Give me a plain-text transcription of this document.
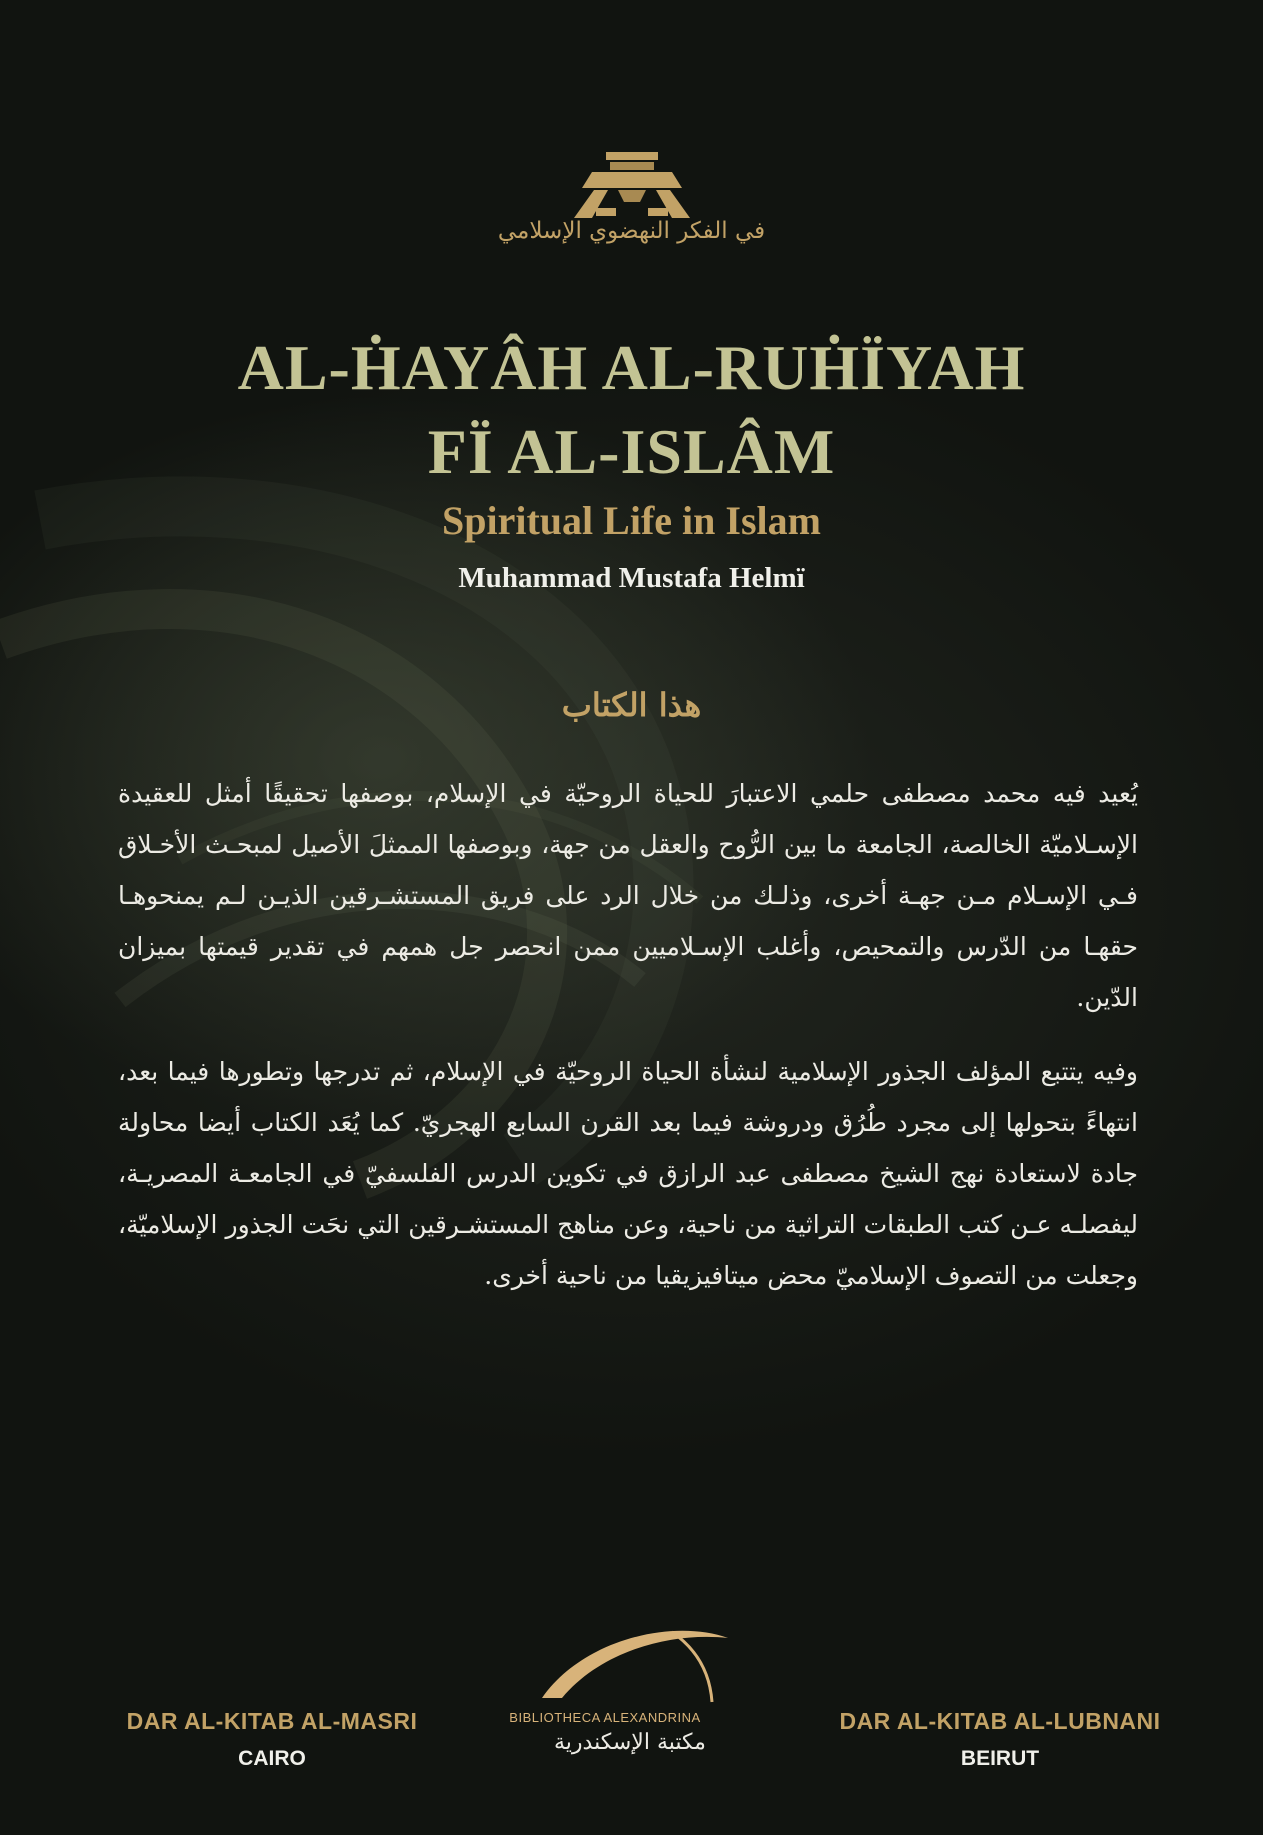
في الفكر النهضوي الإسلامي
AL-ḢAYÂH AL-RUḢÏYAH
FÏ AL-ISLÂM
Spiritual Life in Islam
Muhammad Mustafa Helmï
هذا الكتاب

يُعيد فيه محمد مصطفى حلمي الاعتبارَ للحياة الروحيّة في الإسلام، بوصفها تحقيقًا أمثل للعقيدة الإسـلاميّة الخالصة، الجامعة ما بين الرُّوح والعقل من جهة، وبوصفها الممثلَ الأصيل لمبحـث الأخـلاق فـي الإسـلام مـن جهـة أخرى، وذلـك من خلال الرد على فريق المستشـرقين الذيـن لـم يمنحوهـا حقهـا من الدّرس والتمحيص، وأغلب الإسـلاميين ممن انحصر جل همهم في تقدير قيمتها بميزان الدّين.

وفيه يتتبع المؤلف الجذور الإسلامية لنشأة الحياة الروحيّة في الإسلام، ثم تدرجها وتطورها فيما بعد، انتهاءً بتحولها إلى مجرد طُرُق ودروشة فيما بعد القرن السابع الهجريّ. كما يُعَد الكتاب أيضا محاولة جادة لاستعادة نهج الشيخ مصطفى عبد الرازق في تكوين الدرس الفلسفيّ في الجامعـة المصريـة، ليفصلـه عـن كتب الطبقات التراثية من ناحية، وعن مناهج المستشـرقين التي نحَت الجذور الإسلاميّة، وجعلت من التصوف الإسلاميّ محض ميتافيزيقيا من ناحية أخرى.

DAR AL-KITAB AL-MASRI
CAIRO
BIBLIOTHECA ALEXANDRINA
مكتبة الإسكندرية
DAR AL-KITAB AL-LUBNANI
BEIRUT
